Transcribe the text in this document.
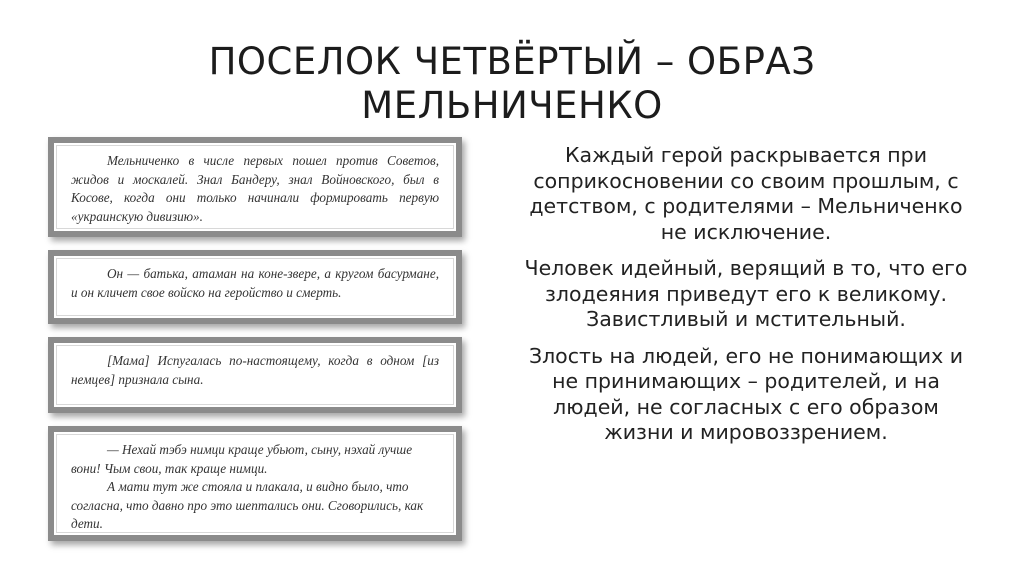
ПОСЕЛОК ЧЕТВЁРТЫЙ – ОБРАЗ МЕЛЬНИЧЕНКО
Мельниченко в числе первых пошел против Советов, жидов и москалей. Знал Бандеру, знал Войновского, был в Косове, когда они только начинали формировать первую «украинскую дивизию».
Он — батька, атаман на коне-звере, а кругом басурмане, и он кличет свое войско на геройство и смерть.
[Мама] Испугалась по-настоящему, когда в одном [из немцев] признала сына.
— Нехай тэбэ нимци краще убьют, сыну, нэхай лучше вони! Чым свои, так краще нимци.
А мати тут же стояла и плакала, и видно было, что согласна, что давно про это шептались они. Сговорились, как дети.

Каждый герой раскрывается при соприкосновении со своим прошлым, с детством, с родителями – Мельниченко не исключение.

Человек идейный, верящий в то, что его злодеяния приведут его к великому. Завистливый и мстительный.

Злость на людей, его не понимающих и не принимающих – родителей, и на людей, не согласных с его образом жизни и мировоззрением.
